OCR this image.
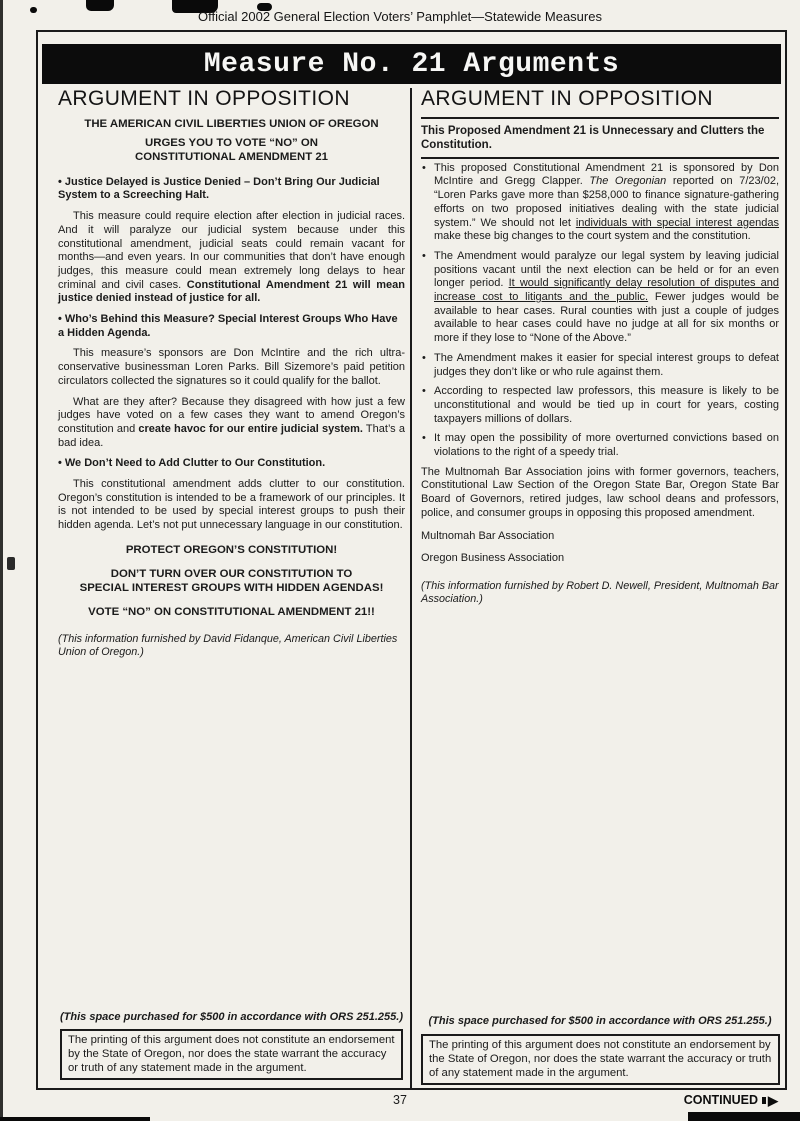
Official 2002 General Election Voters’ Pamphlet—Statewide Measures
Measure No. 21 Arguments
ARGUMENT IN OPPOSITION
THE AMERICAN CIVIL LIBERTIES UNION OF OREGON
URGES YOU TO VOTE “NO” ON
CONSTITUTIONAL AMENDMENT 21

• Justice Delayed is Justice Denied – Don’t Bring Our Judicial System to a Screeching Halt.

This measure could require election after election in judicial races. And it will paralyze our judicial system because under this constitutional amendment, judicial seats could remain vacant for months—and even years. In our communities that don’t have enough judges, this measure could mean extremely long delays to hear criminal and civil cases. Constitutional Amendment 21 will mean justice denied instead of justice for all.

• Who’s Behind this Measure? Special Interest Groups Who Have a Hidden Agenda.

This measure’s sponsors are Don McIntire and the rich ultra-conservative businessman Loren Parks. Bill Sizemore’s paid petition circulators collected the signatures so it could qualify for the ballot.

What are they after? Because they disagreed with how just a few judges have voted on a few cases they want to amend Oregon’s constitution and create havoc for our entire judicial system. That’s a bad idea.

• We Don’t Need to Add Clutter to Our Constitution.

This constitutional amendment adds clutter to our constitution. Oregon’s constitution is intended to be a framework of our principles. It is not intended to be used by special interest groups to push their hidden agenda. Let’s not put unnecessary language in our constitution.

PROTECT OREGON’S CONSTITUTION!
DON’T TURN OVER OUR CONSTITUTION TO
SPECIAL INTEREST GROUPS WITH HIDDEN AGENDAS!
VOTE “NO” ON CONSTITUTIONAL AMENDMENT 21!!

(This information furnished by David Fidanque, American Civil Liberties Union of Oregon.)

ARGUMENT IN OPPOSITION

This Proposed Amendment 21 is Unnecessary and Clutters the Constitution.

• This proposed Constitutional Amendment 21 is sponsored by Don McIntire and Gregg Clapper. The Oregonian reported on 7/23/02, “Loren Parks gave more than $258,000 to finance signature-gathering efforts on two proposed initiatives dealing with the state judicial system.” We should not let individuals with special interest agendas make these big changes to the court system and the constitution.
• The Amendment would paralyze our legal system by leaving judicial positions vacant until the next election can be held or for an even longer period. It would significantly delay resolution of disputes and increase cost to litigants and the public. Fewer judges would be available to hear cases. Rural counties with just a couple of judges available to hear cases could have no judge at all for six months or more if they lose to “None of the Above.”
• The Amendment makes it easier for special interest groups to defeat judges they don’t like or who rule against them.
• According to respected law professors, this measure is likely to be unconstitutional and would be tied up in court for years, costing taxpayers millions of dollars.
• It may open the possibility of more overturned convictions based on violations to the right of a speedy trial.

The Multnomah Bar Association joins with former governors, teachers, Constitutional Law Section of the Oregon State Bar, Oregon State Bar Board of Governors, retired judges, law school deans and professors, police, and consumer groups in opposing this proposed amendment.

Multnomah Bar Association
Oregon Business Association

(This information furnished by Robert D. Newell, President, Multnomah Bar Association.)

(This space purchased for $500 in accordance with ORS 251.255.)	(This space purchased for $500 in accordance with ORS 251.255.)
The printing of this argument does not constitute an endorsement by the State of Oregon, nor does the state warrant the accuracy or truth of any statement made in the argument.
The printing of this argument does not constitute an endorsement by the State of Oregon, nor does the state warrant the accuracy or truth of any statement made in the argument.
37	CONTINUED ▶
